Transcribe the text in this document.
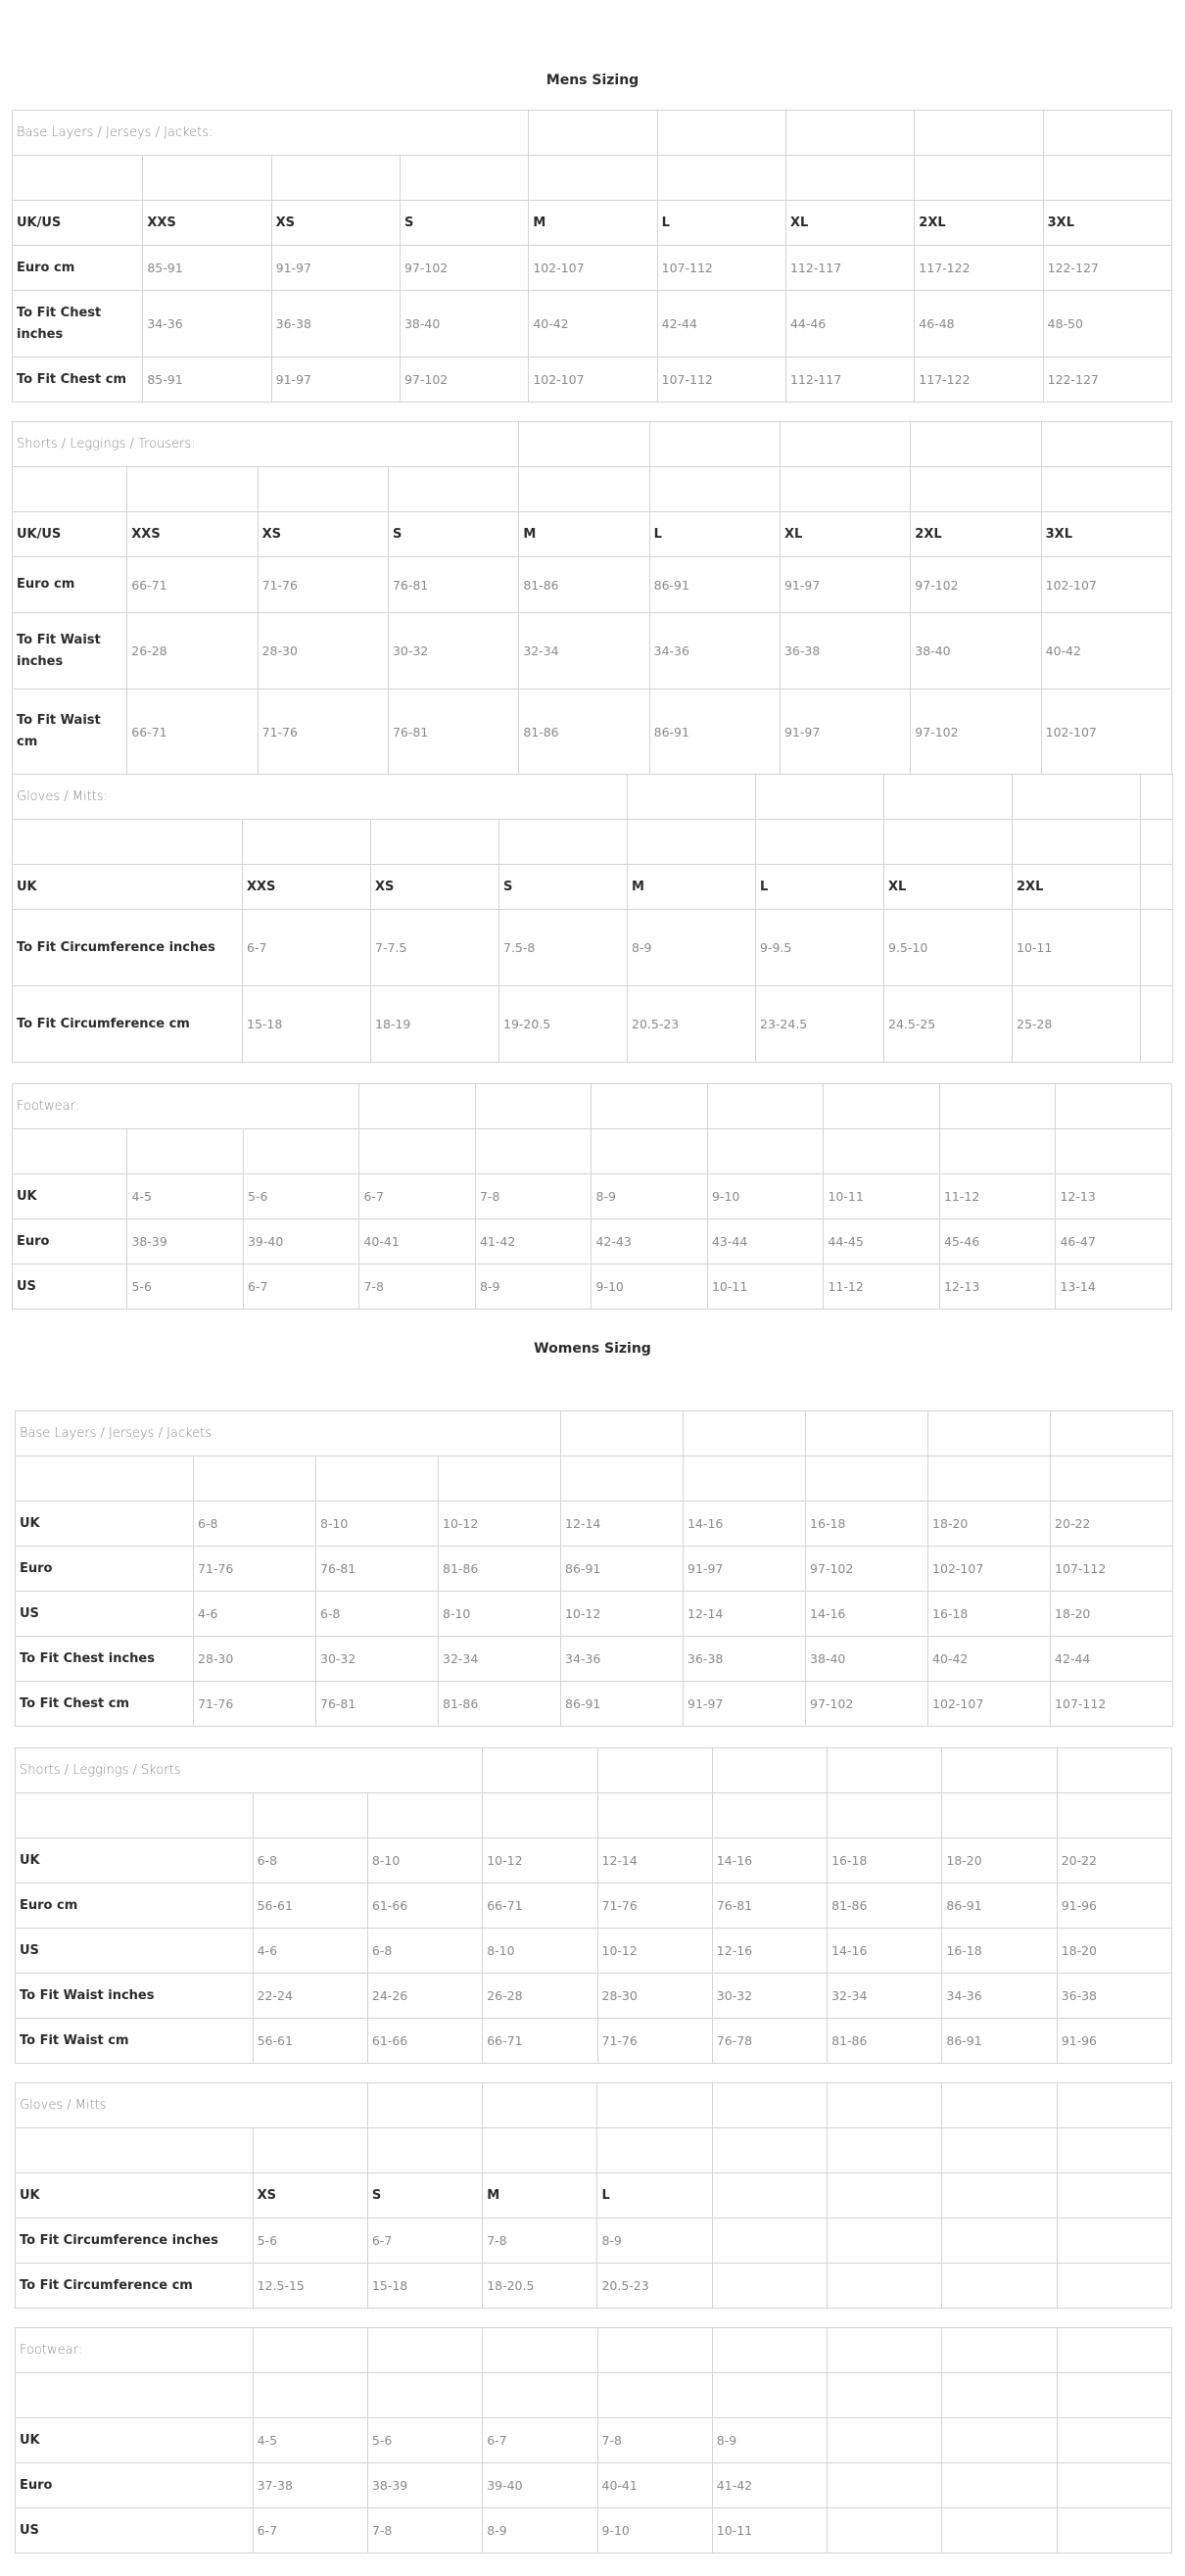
Mens Sizing
Base Layers / Jerseys / Jackets:								

UK/US	XXS	XS	S	M	L	XL	2XL	3XL
Euro cm	85-91	91-97	97-102	102-107	107-112	112-117	117-122	122-127
To Fit Chest inches	34-36	36-38	38-40	40-42	42-44	44-46	46-48	48-50
To Fit Chest cm	85-91	91-97	97-102	102-107	107-112	112-117	117-122	122-127
Shorts / Leggings / Trousers:								

UK/US	XXS	XS	S	M	L	XL	2XL	3XL
Euro cm	66-71	71-76	76-81	81-86	86-91	91-97	97-102	102-107
To Fit Waist inches	26-28	28-30	30-32	32-34	34-36	36-38	38-40	40-42
To Fit Waist cm	66-71	71-76	76-81	81-86	86-91	91-97	97-102	102-107
Gloves / Mitts:								

UK	XXS	XS	S	M	L	XL	2XL	
To Fit Circumference inches	6-7	7-7.5	7.5-8	8-9	9-9.5	9.5-10	10-11	
To Fit Circumference cm	15-18	18-19	19-20.5	20.5-23	23-24.5	24.5-25	25-28	
Footwear:									

UK	4-5	5-6	6-7	7-8	8-9	9-10	10-11	11-12	12-13
Euro	38-39	39-40	40-41	41-42	42-43	43-44	44-45	45-46	46-47
US	5-6	6-7	7-8	8-9	9-10	10-11	11-12	12-13	13-14
Womens Sizing
Base Layers / Jerseys / Jackets								

UK	6-8	8-10	10-12	12-14	14-16	16-18	18-20	20-22
Euro	71-76	76-81	81-86	86-91	91-97	97-102	102-107	107-112
US	4-6	6-8	8-10	10-12	12-14	14-16	16-18	18-20
To Fit Chest inches	28-30	30-32	32-34	34-36	36-38	38-40	40-42	42-44
To Fit Chest cm	71-76	76-81	81-86	86-91	91-97	97-102	102-107	107-112
Shorts / Leggings / Skorts								

UK	6-8	8-10	10-12	12-14	14-16	16-18	18-20	20-22
Euro cm	56-61	61-66	66-71	71-76	76-81	81-86	86-91	91-96
US	4-6	6-8	8-10	10-12	12-16	14-16	16-18	18-20
To Fit Waist inches	22-24	24-26	26-28	28-30	30-32	32-34	34-36	36-38
To Fit Waist cm	56-61	61-66	66-71	71-76	76-78	81-86	86-91	91-96
Gloves / Mitts								

UK	XS	S	M	L				
To Fit Circumference inches	5-6	6-7	7-8	8-9				
To Fit Circumference cm	12.5-15	15-18	18-20.5	20.5-23				
Footwear:								

UK	4-5	5-6	6-7	7-8	8-9			
Euro	37-38	38-39	39-40	40-41	41-42			
US	6-7	7-8	8-9	9-10	10-11			
